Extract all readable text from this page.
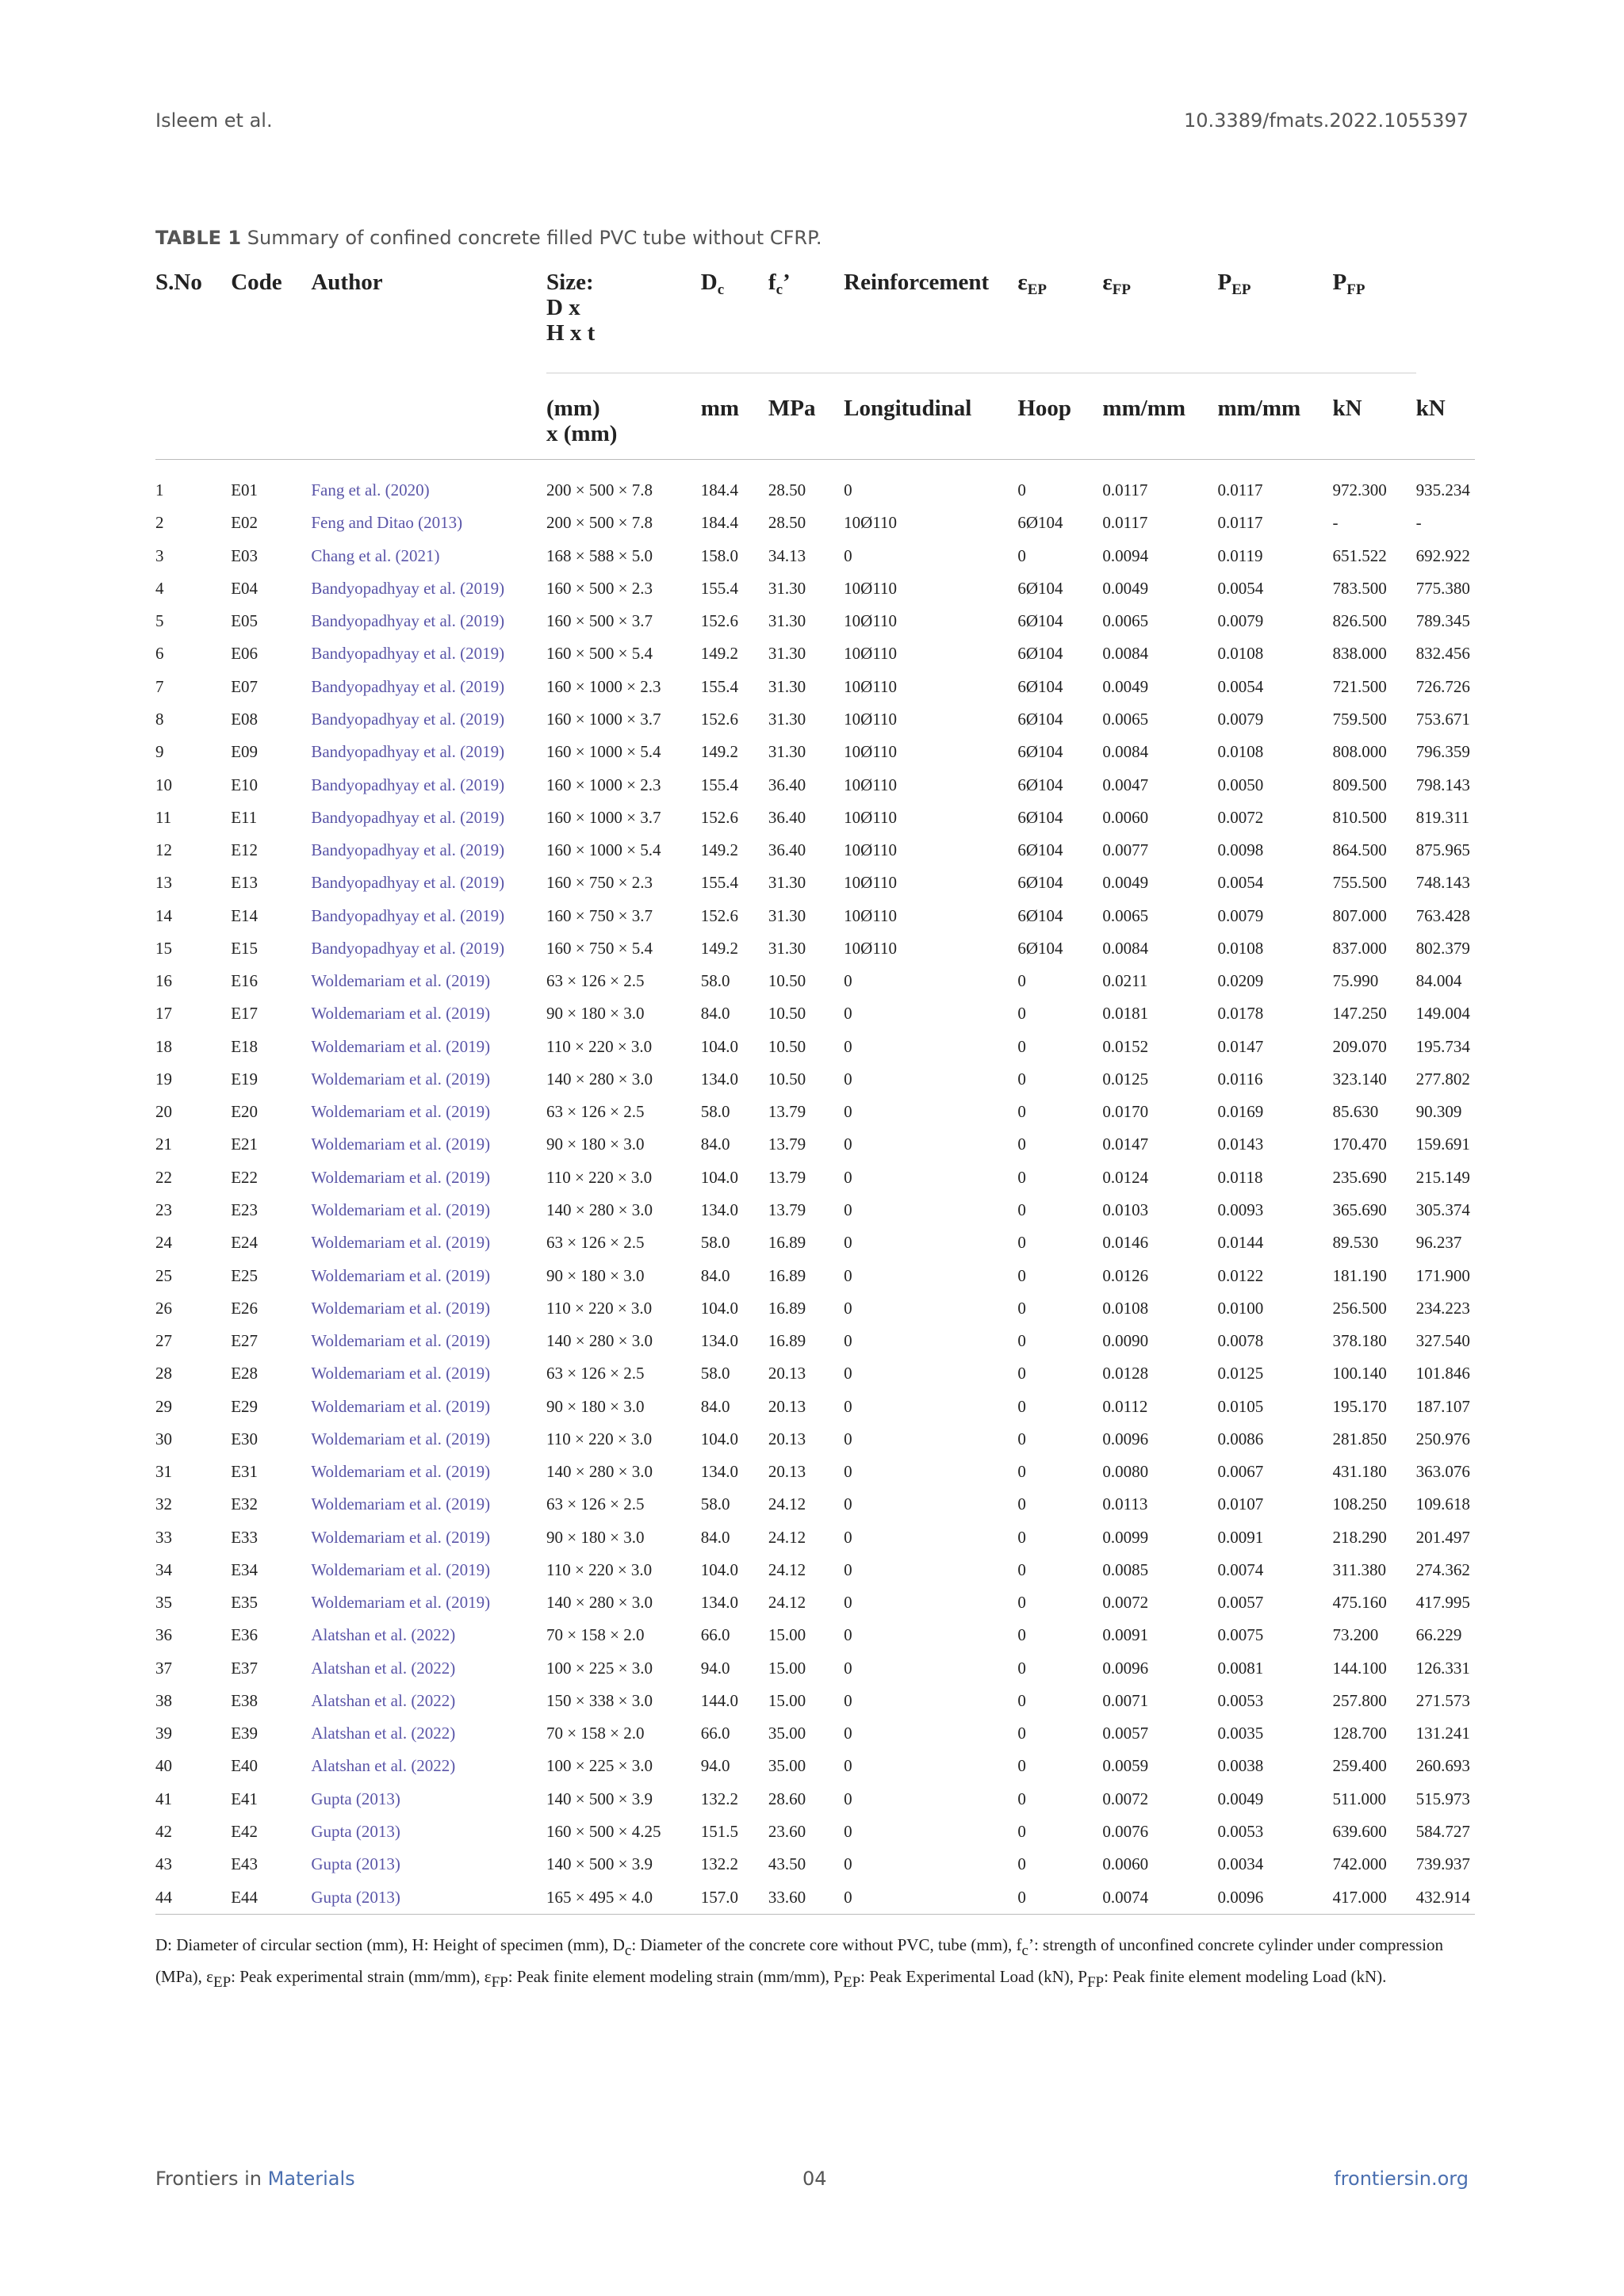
Isleem et al.	10.3389/fmats.2022.1055397
TABLE 1 Summary of confined concrete filled PVC tube without CFRP.
S.No	Code	Author	Size:
D x
H x t	$D_c$	$f_c$’	Reinforcement	$\varepsilon_{EP}$	$\varepsilon_{FP}$	$P_{EP}$	$P_{FP}$	

			(mm)
x (mm)	mm	MPa	Longitudinal	Hoop	mm/mm	mm/mm	kN	kN

1	E01	Fang et al. (2020)	200 × 500 × 7.8	184.4	28.50	0	0	0.0117	0.0117	972.300	935.234
2	E02	Feng and Ditao (2013)	200 × 500 × 7.8	184.4	28.50	10Ø110	6Ø104	0.0117	0.0117	-	-
3	E03	Chang et al. (2021)	168 × 588 × 5.0	158.0	34.13	0	0	0.0094	0.0119	651.522	692.922
4	E04	Bandyopadhyay et al. (2019)	160 × 500 × 2.3	155.4	31.30	10Ø110	6Ø104	0.0049	0.0054	783.500	775.380
5	E05	Bandyopadhyay et al. (2019)	160 × 500 × 3.7	152.6	31.30	10Ø110	6Ø104	0.0065	0.0079	826.500	789.345
6	E06	Bandyopadhyay et al. (2019)	160 × 500 × 5.4	149.2	31.30	10Ø110	6Ø104	0.0084	0.0108	838.000	832.456
7	E07	Bandyopadhyay et al. (2019)	160 × 1000 × 2.3	155.4	31.30	10Ø110	6Ø104	0.0049	0.0054	721.500	726.726
8	E08	Bandyopadhyay et al. (2019)	160 × 1000 × 3.7	152.6	31.30	10Ø110	6Ø104	0.0065	0.0079	759.500	753.671
9	E09	Bandyopadhyay et al. (2019)	160 × 1000 × 5.4	149.2	31.30	10Ø110	6Ø104	0.0084	0.0108	808.000	796.359
10	E10	Bandyopadhyay et al. (2019)	160 × 1000 × 2.3	155.4	36.40	10Ø110	6Ø104	0.0047	0.0050	809.500	798.143
11	E11	Bandyopadhyay et al. (2019)	160 × 1000 × 3.7	152.6	36.40	10Ø110	6Ø104	0.0060	0.0072	810.500	819.311
12	E12	Bandyopadhyay et al. (2019)	160 × 1000 × 5.4	149.2	36.40	10Ø110	6Ø104	0.0077	0.0098	864.500	875.965
13	E13	Bandyopadhyay et al. (2019)	160 × 750 × 2.3	155.4	31.30	10Ø110	6Ø104	0.0049	0.0054	755.500	748.143
14	E14	Bandyopadhyay et al. (2019)	160 × 750 × 3.7	152.6	31.30	10Ø110	6Ø104	0.0065	0.0079	807.000	763.428
15	E15	Bandyopadhyay et al. (2019)	160 × 750 × 5.4	149.2	31.30	10Ø110	6Ø104	0.0084	0.0108	837.000	802.379
16	E16	Woldemariam et al. (2019)	63 × 126 × 2.5	58.0	10.50	0	0	0.0211	0.0209	75.990	84.004
17	E17	Woldemariam et al. (2019)	90 × 180 × 3.0	84.0	10.50	0	0	0.0181	0.0178	147.250	149.004
18	E18	Woldemariam et al. (2019)	110 × 220 × 3.0	104.0	10.50	0	0	0.0152	0.0147	209.070	195.734
19	E19	Woldemariam et al. (2019)	140 × 280 × 3.0	134.0	10.50	0	0	0.0125	0.0116	323.140	277.802
20	E20	Woldemariam et al. (2019)	63 × 126 × 2.5	58.0	13.79	0	0	0.0170	0.0169	85.630	90.309
21	E21	Woldemariam et al. (2019)	90 × 180 × 3.0	84.0	13.79	0	0	0.0147	0.0143	170.470	159.691
22	E22	Woldemariam et al. (2019)	110 × 220 × 3.0	104.0	13.79	0	0	0.0124	0.0118	235.690	215.149
23	E23	Woldemariam et al. (2019)	140 × 280 × 3.0	134.0	13.79	0	0	0.0103	0.0093	365.690	305.374
24	E24	Woldemariam et al. (2019)	63 × 126 × 2.5	58.0	16.89	0	0	0.0146	0.0144	89.530	96.237
25	E25	Woldemariam et al. (2019)	90 × 180 × 3.0	84.0	16.89	0	0	0.0126	0.0122	181.190	171.900
26	E26	Woldemariam et al. (2019)	110 × 220 × 3.0	104.0	16.89	0	0	0.0108	0.0100	256.500	234.223
27	E27	Woldemariam et al. (2019)	140 × 280 × 3.0	134.0	16.89	0	0	0.0090	0.0078	378.180	327.540
28	E28	Woldemariam et al. (2019)	63 × 126 × 2.5	58.0	20.13	0	0	0.0128	0.0125	100.140	101.846
29	E29	Woldemariam et al. (2019)	90 × 180 × 3.0	84.0	20.13	0	0	0.0112	0.0105	195.170	187.107
30	E30	Woldemariam et al. (2019)	110 × 220 × 3.0	104.0	20.13	0	0	0.0096	0.0086	281.850	250.976
31	E31	Woldemariam et al. (2019)	140 × 280 × 3.0	134.0	20.13	0	0	0.0080	0.0067	431.180	363.076
32	E32	Woldemariam et al. (2019)	63 × 126 × 2.5	58.0	24.12	0	0	0.0113	0.0107	108.250	109.618
33	E33	Woldemariam et al. (2019)	90 × 180 × 3.0	84.0	24.12	0	0	0.0099	0.0091	218.290	201.497
34	E34	Woldemariam et al. (2019)	110 × 220 × 3.0	104.0	24.12	0	0	0.0085	0.0074	311.380	274.362
35	E35	Woldemariam et al. (2019)	140 × 280 × 3.0	134.0	24.12	0	0	0.0072	0.0057	475.160	417.995
36	E36	Alatshan et al. (2022)	70 × 158 × 2.0	66.0	15.00	0	0	0.0091	0.0075	73.200	66.229
37	E37	Alatshan et al. (2022)	100 × 225 × 3.0	94.0	15.00	0	0	0.0096	0.0081	144.100	126.331
38	E38	Alatshan et al. (2022)	150 × 338 × 3.0	144.0	15.00	0	0	0.0071	0.0053	257.800	271.573
39	E39	Alatshan et al. (2022)	70 × 158 × 2.0	66.0	35.00	0	0	0.0057	0.0035	128.700	131.241
40	E40	Alatshan et al. (2022)	100 × 225 × 3.0	94.0	35.00	0	0	0.0059	0.0038	259.400	260.693
41	E41	Gupta (2013)	140 × 500 × 3.9	132.2	28.60	0	0	0.0072	0.0049	511.000	515.973
42	E42	Gupta (2013)	160 × 500 × 4.25	151.5	23.60	0	0	0.0076	0.0053	639.600	584.727
43	E43	Gupta (2013)	140 × 500 × 3.9	132.2	43.50	0	0	0.0060	0.0034	742.000	739.937
44	E44	Gupta (2013)	165 × 495 × 4.0	157.0	33.60	0	0	0.0074	0.0096	417.000	432.914
D: Diameter of circular section (mm), H: Height of specimen (mm), Dc: Diameter of the concrete core without PVC, tube (mm), fc’: strength of unconfined concrete cylinder under compression (MPa), εEP: Peak experimental strain (mm/mm), εFP: Peak finite element modeling strain (mm/mm), PEP: Peak Experimental Load (kN), PFP: Peak finite element modeling Load (kN).
Frontiers in Materials	04	frontiersin.org
